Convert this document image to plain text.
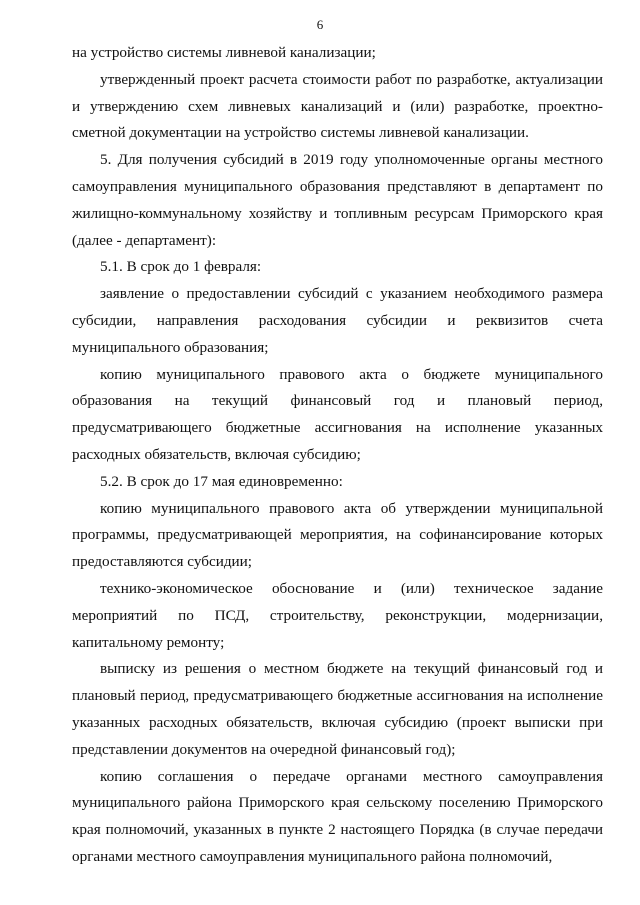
6

на устройство системы ливневой канализации;

утвержденный проект расчета стоимости работ по разработке, актуализации и утверждению схем ливневых канализаций и (или) разработке, проектно-сметной документации на устройство системы ливневой канализации.

5. Для получения субсидий в 2019 году уполномоченные органы местного самоуправления муниципального образования представляют в департамент по жилищно-коммунальному хозяйству и топливным ресурсам Приморского края (далее - департамент):

5.1. В срок до 1 февраля:

заявление о предоставлении субсидий с указанием необходимого размера субсидии, направления расходования субсидии и реквизитов счета муниципального образования;

копию муниципального правового акта о бюджете муниципального образования на текущий финансовый год и плановый период, предусматривающего бюджетные ассигнования на исполнение указанных расходных обязательств, включая субсидию;

5.2. В срок до 17 мая единовременно:

копию муниципального правового акта об утверждении муниципальной программы, предусматривающей мероприятия, на софинансирование которых предоставляются субсидии;

технико-экономическое обоснование и (или) техническое задание мероприятий по ПСД, строительству, реконструкции, модернизации, капитальному ремонту;

выписку из решения о местном бюджете на текущий финансовый год и плановый период, предусматривающего бюджетные ассигнования на исполнение указанных расходных обязательств, включая субсидию (проект выписки при представлении документов на очередной финансовый год);

копию соглашения о передаче органами местного самоуправления муниципального района Приморского края сельскому поселению Приморского края полномочий, указанных в пункте 2 настоящего Порядка (в случае передачи органами местного самоуправления муниципального района полномочий,
